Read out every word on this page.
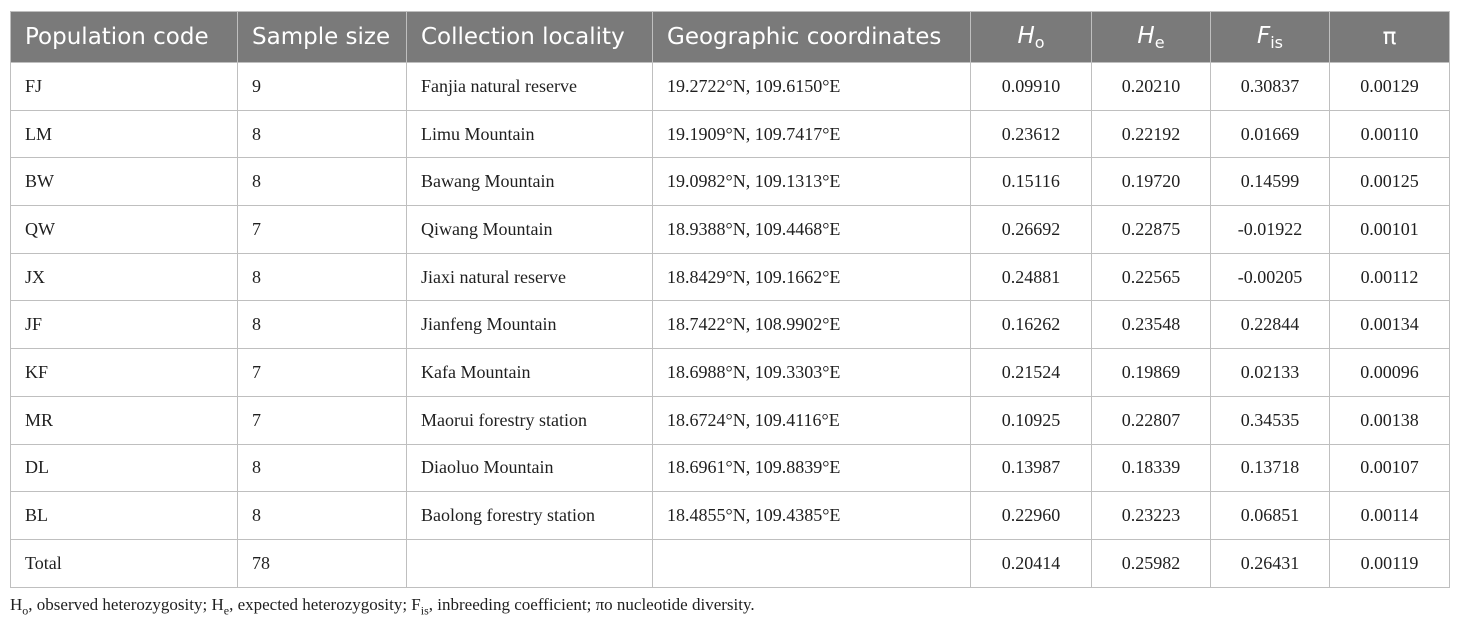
Population code	Sample size	Collection locality	Geographic coordinates	$H_o$	$H_e$	$F_{is}$	π
FJ	9	Fanjia natural reserve	19.2722°N, 109.6150°E	0.09910	0.20210	0.30837	0.00129
LM	8	Limu Mountain	19.1909°N, 109.7417°E	0.23612	0.22192	0.01669	0.00110
BW	8	Bawang Mountain	19.0982°N, 109.1313°E	0.15116	0.19720	0.14599	0.00125
QW	7	Qiwang Mountain	18.9388°N, 109.4468°E	0.26692	0.22875	-0.01922	0.00101
JX	8	Jiaxi natural reserve	18.8429°N, 109.1662°E	0.24881	0.22565	-0.00205	0.00112
JF	8	Jianfeng Mountain	18.7422°N, 108.9902°E	0.16262	0.23548	0.22844	0.00134
KF	7	Kafa Mountain	18.6988°N, 109.3303°E	0.21524	0.19869	0.02133	0.00096
MR	7	Maorui forestry station	18.6724°N, 109.4116°E	0.10925	0.22807	0.34535	0.00138
DL	8	Diaoluo Mountain	18.6961°N, 109.8839°E	0.13987	0.18339	0.13718	0.00107
BL	8	Baolong forestry station	18.4855°N, 109.4385°E	0.22960	0.23223	0.06851	0.00114
Total	78			0.20414	0.25982	0.26431	0.00119
$H_o$, observed heterozygosity; $H_e$, expected heterozygosity; $F_{is}$, inbreeding coefficient; πo nucleotide diversity.
